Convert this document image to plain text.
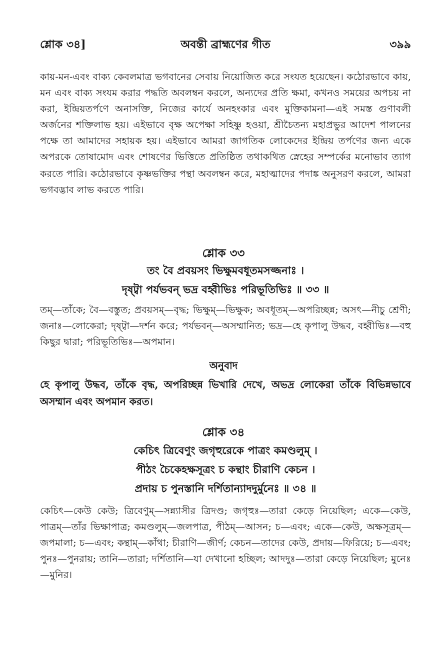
শ্লোক ৩৪]	অবন্তী ব্রাহ্মণের গীত	৩৯৯
কায়-মন-এবং বাক্য কেবলমাত্র ভগবানের সেবায় নিয়োজিত করে সংযত হয়েছেন। কঠোরভাবে কায়, মন এবং বাক্য সংযম করার পদ্ধতি অবলম্বন করলে, অন্যদের প্রতি ক্ষমা, কখনও সময়ের অপচয় না করা, ইন্দ্রিয়তর্পণে অনাসক্তি, নিজের কার্যে অনহংকার এবং মুক্তিকামনা—এই সমস্ত গুণাবলী অর্জনের শক্তিলাভ হয়। এইভাবে বৃক্ষ অপেক্ষা সহিষ্ণু হওয়া, শ্রীচৈতন্য মহাপ্রভুর আদেশ পালনের পক্ষে তা আমাদের সহায়ক হয়। এইভাবে আমরা জাগতিক লোকেদের ইন্দ্রিয় তর্পণের জন্য একে অপরকে তোষামোদ এবং শোষণের ভিত্তিতে প্রতিষ্ঠিত তথাকথিত স্নেহের সম্পর্কের মনোভাব ত্যাগ করতে পারি। কঠোরভাবে কৃষ্ণভক্তির পন্থা অবলম্বন করে, মহাত্মাদের পদাঙ্ক অনুসরণ করলে, আমরা ভগবদ্ভাব লাভ করতে পারি।
শ্লোক ৩৩
তং বৈ প্রবয়সং ভিক্ষুমবধূতমসজ্জনাঃ ।
দৃষ্ট্বা পর্যভবন্ ভদ্র বহ্বীভিঃ পরিভূতিভিঃ ॥ ৩৩ ॥
তম্—তাঁকে; বৈ—বস্তুত; প্রবয়সম্—বৃদ্ধ; ভিক্ষুম্—ভিক্ষুক; অবধূতম্—অপরিচ্ছন্ন; অসৎ—নীচু শ্রেণী; জনাঃ—লোকেরা; দৃষ্ট্বা—দর্শন করে; পর্যভবন্—অসম্মানিত; ভদ্র—হে কৃপালু উদ্ধব, বহ্বীভিঃ—বহু কিছুর দ্বারা; পরিভূতিভিঃ—অপমান।
অনুবাদ
হে কৃপালু উদ্ধব, তাঁকে বৃদ্ধ, অপরিচ্ছন্ন ভিখারি দেখে, অভদ্র লোকেরা তাঁকে বিভিন্নভাবে অসম্মান এবং অপমান করত।
শ্লোক ৩৪
কেচিৎ ত্রিবেণুং জগৃহুরেকে পাত্রং কমণ্ডলুম্ ।
পীঠং চৈকেহক্ষসূত্রং চ কন্থাং চীরাণি কেচন ।
প্রদায় চ পুনস্তানি দর্শিতান্যাদদুর্মুনেঃ ॥ ৩৪ ॥
কেচিৎ—কেউ কেউ; ত্রিবেণুম্—সন্ন্যাসীর ত্রিদণ্ড; জগৃহুঃ—তারা কেড়ে নিয়েছিল; একে—কেউ, পাত্রম্—তাঁর ভিক্ষাপাত্র; কমণ্ডলুম্—জলপাত্র, পীঠম্—আসন; চ—এবং; একে—কেউ, অক্ষসূত্রম্—জপমালা; চ—এবং; কন্থাম্—কাঁথা; চীরাণি—জীর্ণ; কেচন—তাদের কেউ, প্রদায়—ফিরিয়ে; চ—এবং; পুনঃ—পুনরায়; তানি—তারা; দর্শিতানি—যা দেখানো হচ্ছিল; আদদুঃ—তারা কেড়ে নিয়েছিল; মুনেঃ—মুনির।
